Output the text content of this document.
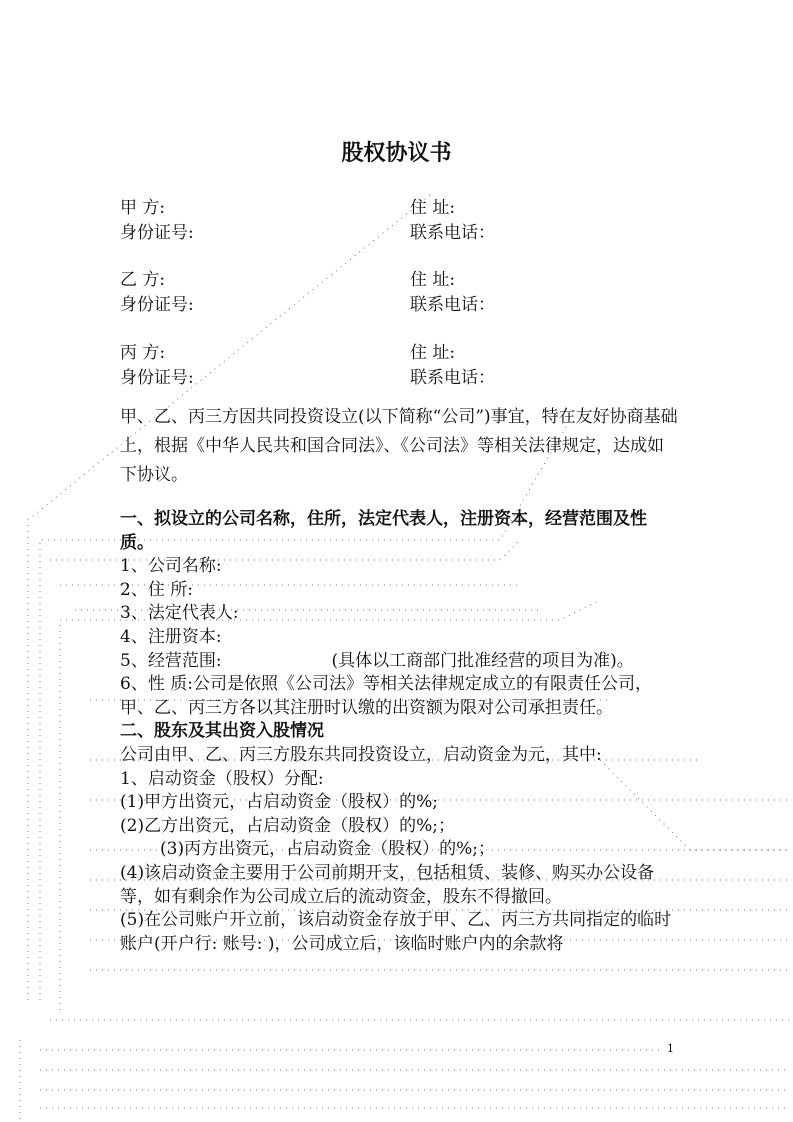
股权协议书
甲 方:	住 址:
身份证号:	联系电话：
乙 方:	住 址:
身份证号:	联系电话：
丙 方:	住 址:
身份证号:	联系电话：
甲、乙、丙三方因共同投资设立(以下简称“公司”)事宜，特在友好协商基础上，根据《中华人民共和国合同法》、《公司法》等相关法律规定，达成如下协议。
一、拟设立的公司名称，住所，法定代表人，注册资本，经营范围及性质。
1、公司名称:
2、住 所:
3、法定代表人:
4、注册资本:
5、经营范围:	(具体以工商部门批准经营的项目为准)。
6、性 质:公司是依照《公司法》等相关法律规定成立的有限责任公司，甲、乙、丙三方各以其注册时认缴的出资额为限对公司承担责任。
二、股东及其出资入股情况
公司由甲、乙、丙三方股东共同投资设立，启动资金为元，其中:
1、启动资金（股权）分配:
(1)甲方出资元，占启动资金（股权）的%;
(2)乙方出资元，占启动资金（股权）的%;；
(3)丙方出资元，占启动资金（股权）的%;；
(4)该启动资金主要用于公司前期开支，包括租赁、装修、购买办公设备等，如有剩余作为公司成立后的流动资金，股东不得撤回。
(5)在公司账户开立前，该启动资金存放于甲、乙、丙三方共同指定的临时账户(开户行: 账号: )，公司成立后，该临时账户内的余款将
1
